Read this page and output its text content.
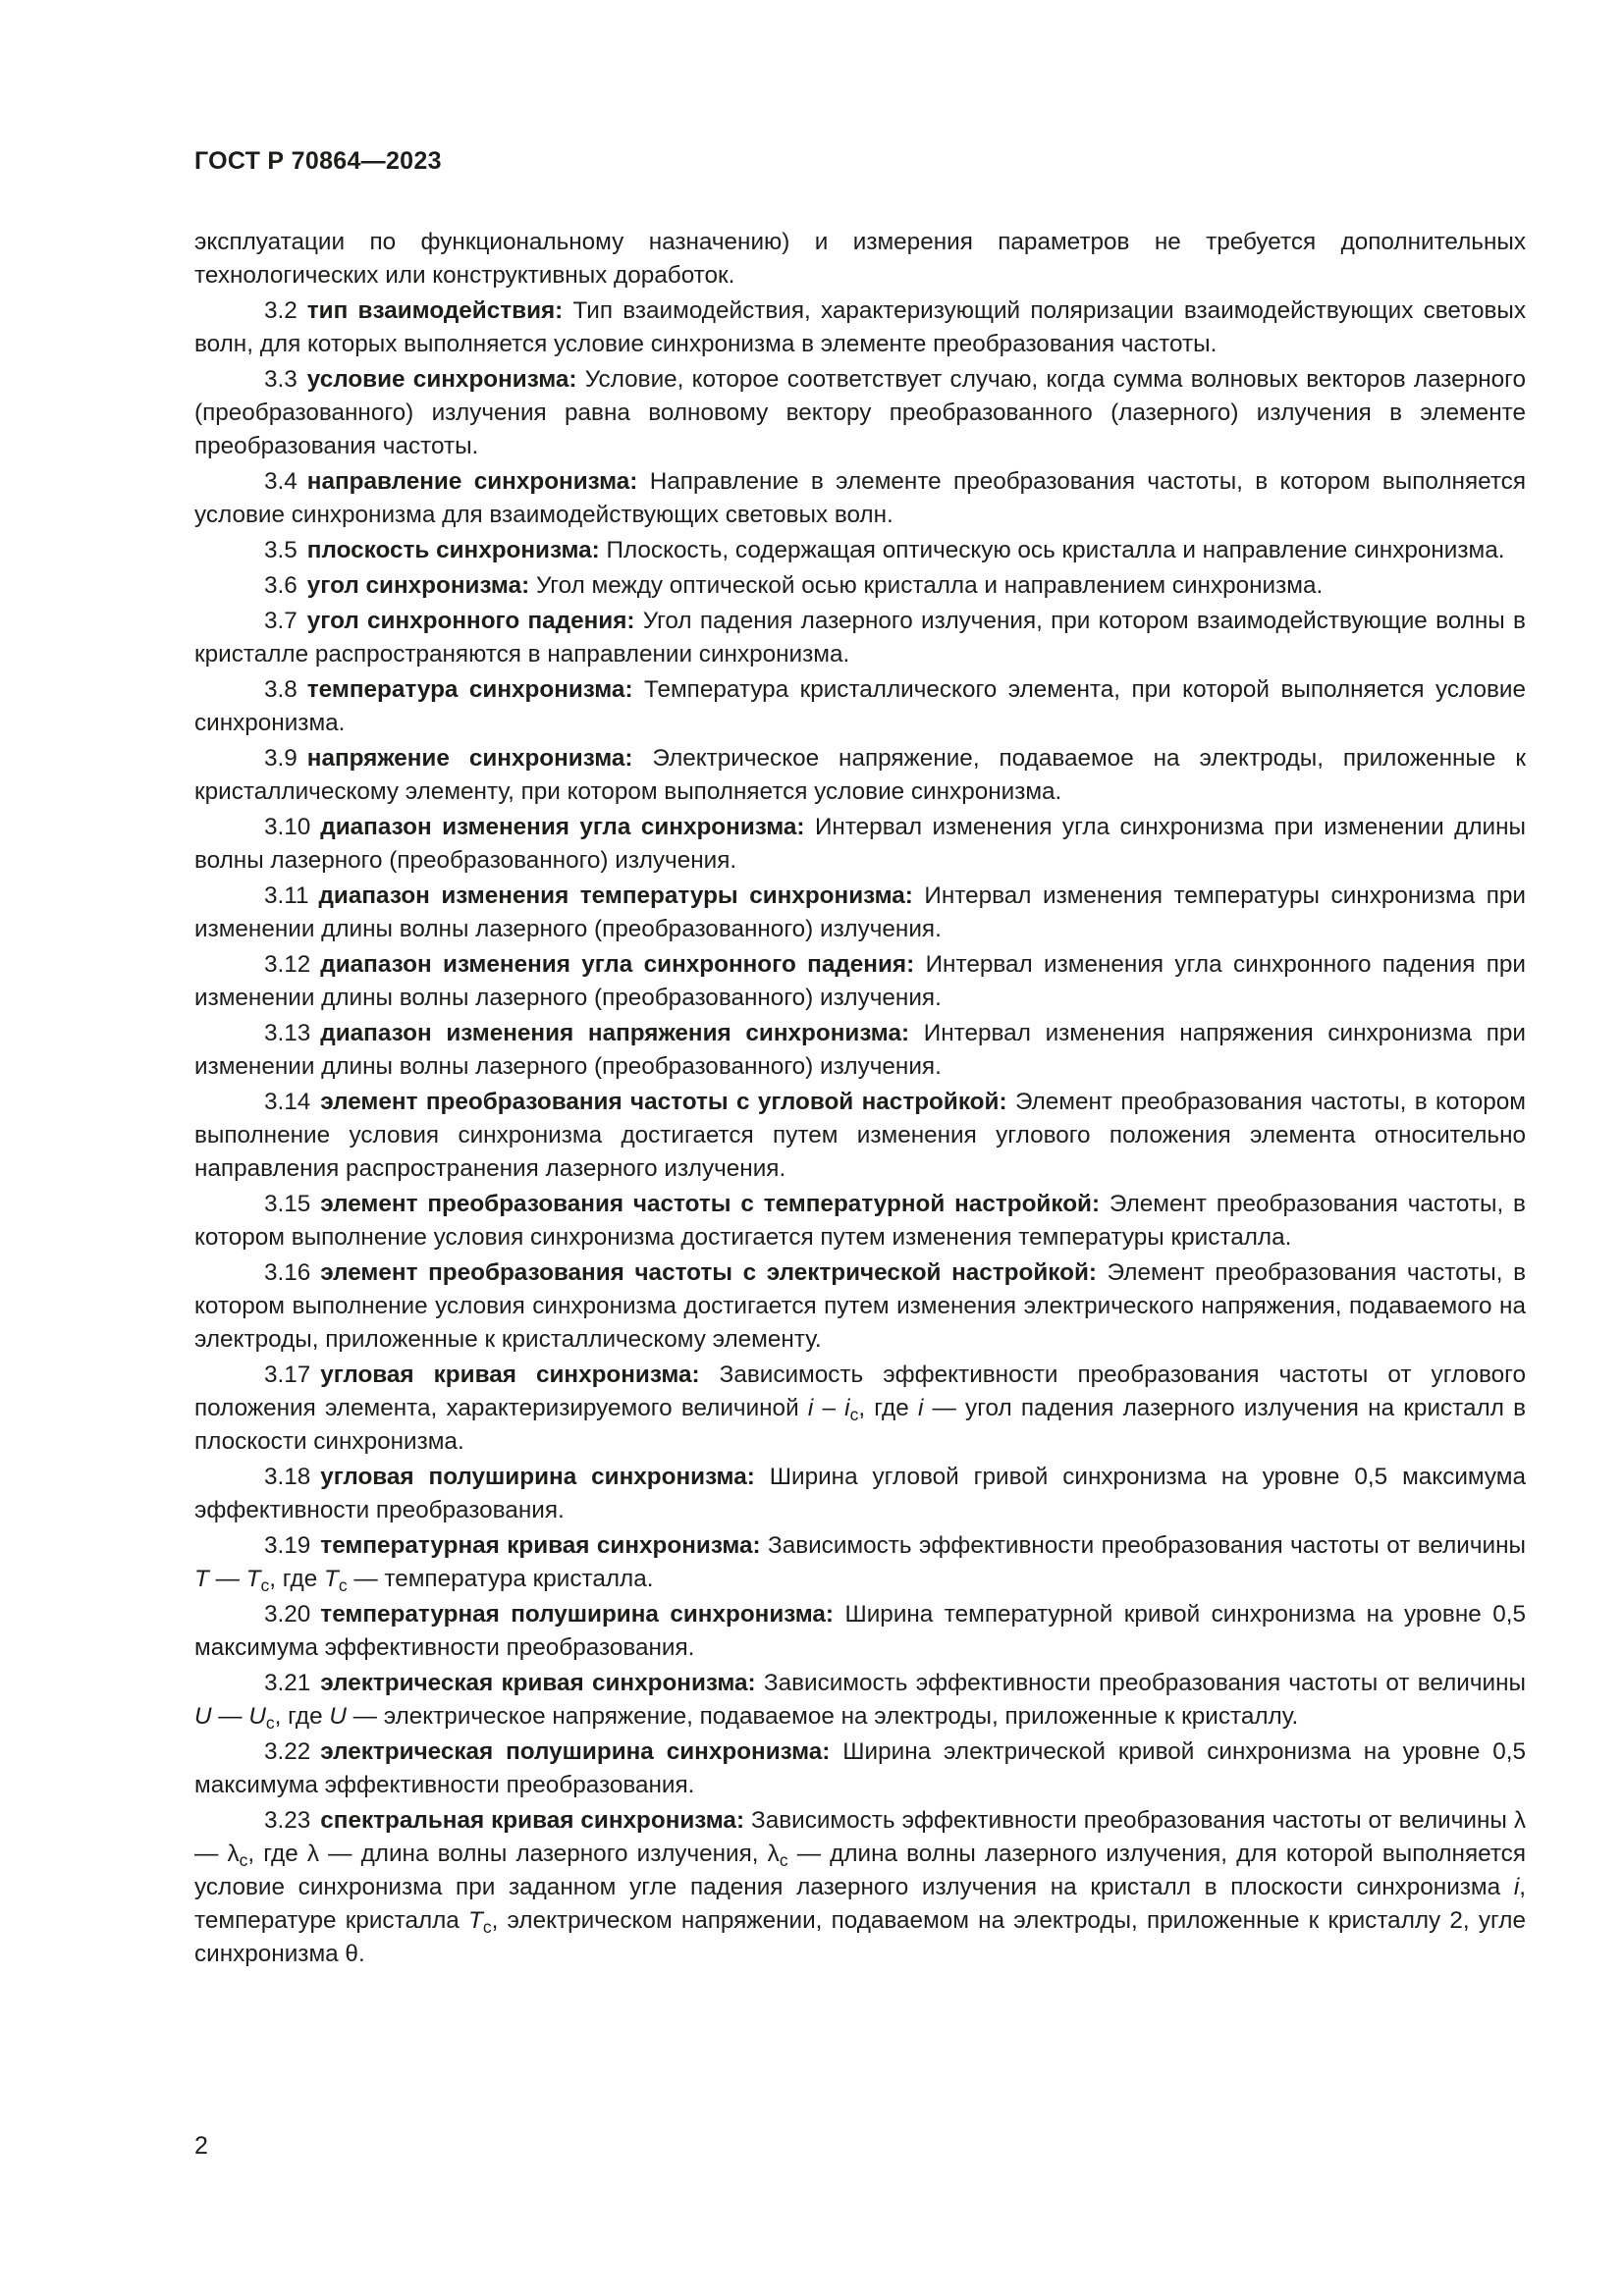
ГОСТ Р 70864—2023

эксплуатации по функциональному назначению) и измерения параметров не требуется дополнительных технологических или конструктивных доработок.

3.2 тип взаимодействия: Тип взаимодействия, характеризующий поляризации взаимодействующих световых волн, для которых выполняется условие синхронизма в элементе преобразования частоты.

3.3 условие синхронизма: Условие, которое соответствует случаю, когда сумма волновых векторов лазерного (преобразованного) излучения равна волновому вектору преобразованного (лазерного) излучения в элементе преобразования частоты.

3.4 направление синхронизма: Направление в элементе преобразования частоты, в котором выполняется условие синхронизма для взаимодействующих световых волн.

3.5 плоскость синхронизма: Плоскость, содержащая оптическую ось кристалла и направление синхронизма.

3.6 угол синхронизма: Угол между оптической осью кристалла и направлением синхронизма.

3.7 угол синхронного падения: Угол падения лазерного излучения, при котором взаимодействующие волны в кристалле распространяются в направлении синхронизма.

3.8 температура синхронизма: Температура кристаллического элемента, при которой выполняется условие синхронизма.

3.9 напряжение синхронизма: Электрическое напряжение, подаваемое на электроды, приложенные к кристаллическому элементу, при котором выполняется условие синхронизма.

3.10 диапазон изменения угла синхронизма: Интервал изменения угла синхронизма при изменении длины волны лазерного (преобразованного) излучения.

3.11 диапазон изменения температуры синхронизма: Интервал изменения температуры синхронизма при изменении длины волны лазерного (преобразованного) излучения.

3.12 диапазон изменения угла синхронного падения: Интервал изменения угла синхронного падения при изменении длины волны лазерного (преобразованного) излучения.

3.13 диапазон изменения напряжения синхронизма: Интервал изменения напряжения синхронизма при изменении длины волны лазерного (преобразованного) излучения.

3.14 элемент преобразования частоты с угловой настройкой: Элемент преобразования частоты, в котором выполнение условия синхронизма достигается путем изменения углового положения элемента относительно направления распространения лазерного излучения.

3.15 элемент преобразования частоты с температурной настройкой: Элемент преобразования частоты, в котором выполнение условия синхронизма достигается путем изменения температуры кристалла.

3.16 элемент преобразования частоты с электрической настройкой: Элемент преобразования частоты, в котором выполнение условия синхронизма достигается путем изменения электрического напряжения, подаваемого на электроды, приложенные к кристаллическому элементу.

3.17 угловая кривая синхронизма: Зависимость эффективности преобразования частоты от углового положения элемента, характеризируемого величиной i – $i_c$, где i — угол падения лазерного излучения на кристалл в плоскости синхронизма.

3.18 угловая полуширина синхронизма: Ширина угловой гривой синхронизма на уровне 0,5 максимума эффективности преобразования.

3.19 температурная кривая синхронизма: Зависимость эффективности преобразования частоты от величины T — $T_с$, где $T_с$ — температура кристалла.

3.20 температурная полуширина синхронизма: Ширина температурной кривой синхронизма на уровне 0,5 максимума эффективности преобразования.

3.21 электрическая кривая синхронизма: Зависимость эффективности преобразования частоты от величины U — $U_с$, где U — электрическое напряжение, подаваемое на электроды, приложенные к кристаллу.

3.22 электрическая полуширина синхронизма: Ширина электрической кривой синхронизма на уровне 0,5 максимума эффективности преобразования.

3.23 спектральная кривая синхронизма: Зависимость эффективности преобразования частоты от величины λ — $\lambda_с$, где λ — длина волны лазерного излучения, $\lambda_с$ — длина волны лазерного излучения, для которой выполняется условие синхронизма при заданном угле падения лазерного излучения на кристалл в плоскости синхронизма i, температуре кристалла $T_с$, электрическом напряжении, подаваемом на электроды, приложенные к кристаллу 2, угле синхронизма θ.

2
